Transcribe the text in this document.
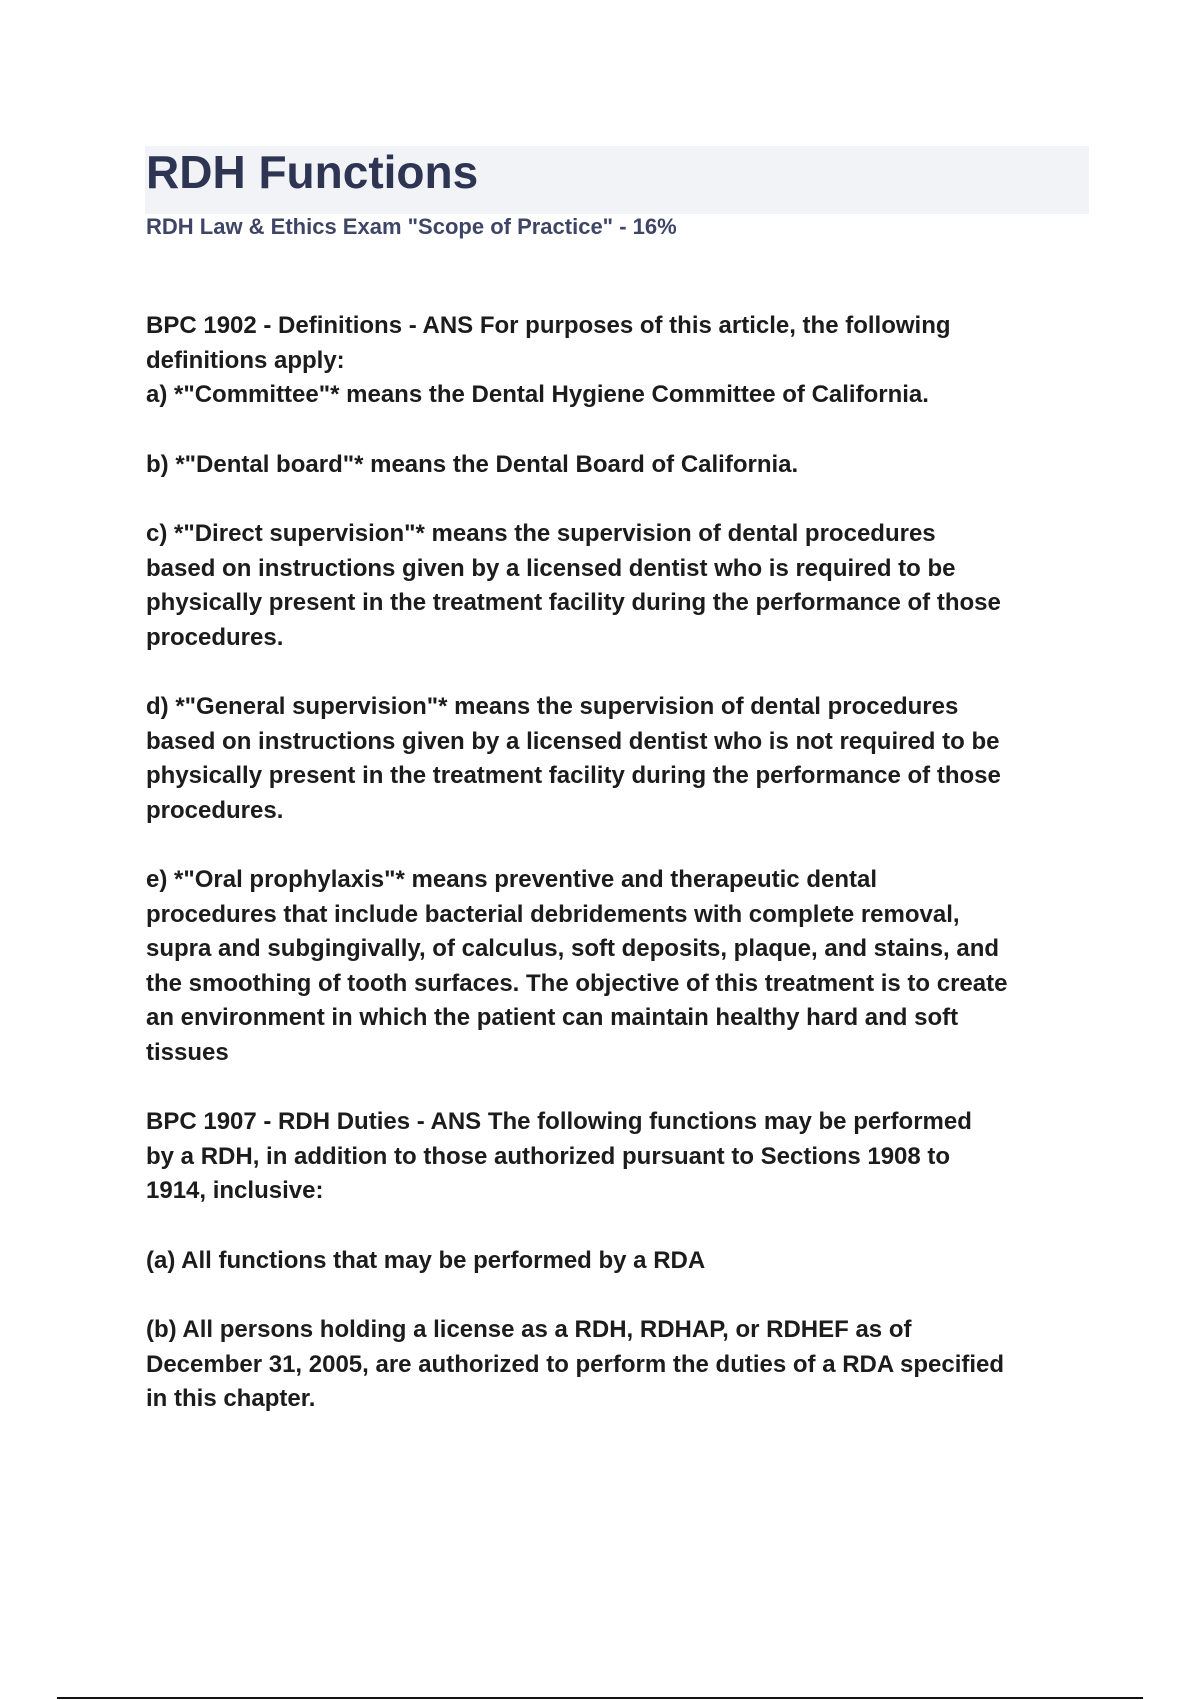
RDH Functions

RDH Law & Ethics Exam "Scope of Practice" - 16%

BPC 1902 - Definitions - ANS For purposes of this article, the following
definitions apply:
a) *"Committee"* means the Dental Hygiene Committee of California.

b) *"Dental board"* means the Dental Board of California.

c) *"Direct supervision"* means the supervision of dental procedures
based on instructions given by a licensed dentist who is required to be
physically present in the treatment facility during the performance of those
procedures.

d) *"General supervision"* means the supervision of dental procedures
based on instructions given by a licensed dentist who is not required to be
physically present in the treatment facility during the performance of those
procedures.

e) *"Oral prophylaxis"* means preventive and therapeutic dental
procedures that include bacterial debridements with complete removal,
supra and subgingivally, of calculus, soft deposits, plaque, and stains, and
the smoothing of tooth surfaces. The objective of this treatment is to create
an environment in which the patient can maintain healthy hard and soft
tissues

BPC 1907 - RDH Duties - ANS The following functions may be performed
by a RDH, in addition to those authorized pursuant to Sections 1908 to
1914, inclusive:

(a) All functions that may be performed by a RDA

(b) All persons holding a license as a RDH, RDHAP, or RDHEF as of
December 31, 2005, are authorized to perform the duties of a RDA specified
in this chapter.
